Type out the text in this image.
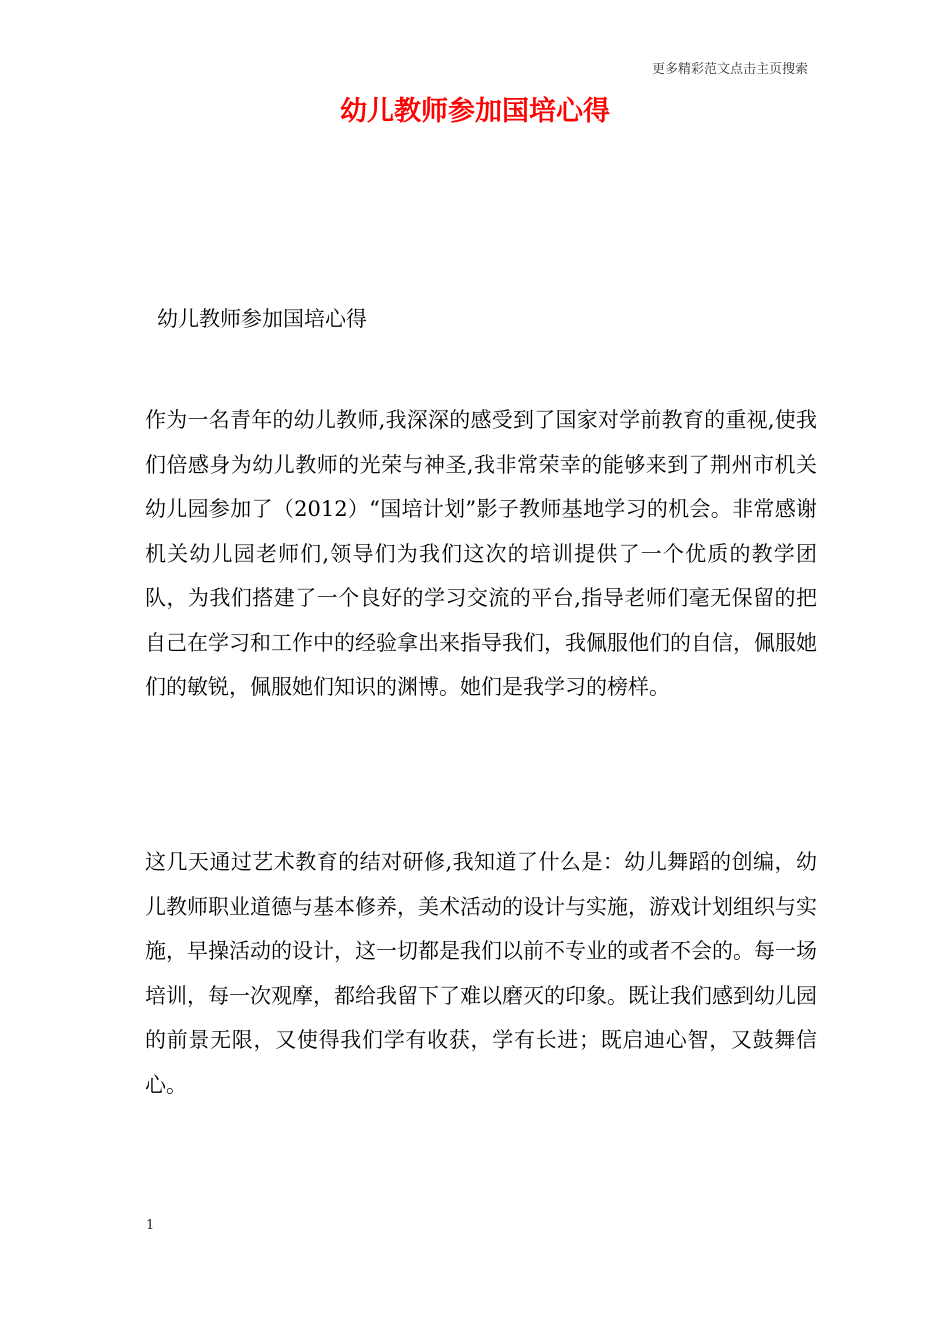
更多精彩范文点击主页搜索
幼儿教师参加国培心得
幼儿教师参加国培心得
作为一名青年的幼儿教师,我深深的感受到了国家对学前教育的重视,使我们倍感身为幼儿教师的光荣与神圣,我非常荣幸的能够来到了荆州市机关幼儿园参加了（2012）“国培计划”影子教师基地学习的机会。非常感谢机关幼儿园老师们,领导们为我们这次的培训提供了一个优质的教学团队，为我们搭建了一个良好的学习交流的平台,指导老师们毫无保留的把自己在学习和工作中的经验拿出来指导我们，我佩服他们的自信，佩服她们的敏锐，佩服她们知识的渊博。她们是我学习的榜样。
这几天通过艺术教育的结对研修,我知道了什么是：幼儿舞蹈的创编，幼儿教师职业道德与基本修养，美术活动的设计与实施，游戏计划组织与实施，早操活动的设计，这一切都是我们以前不专业的或者不会的。每一场培训，每一次观摩，都给我留下了难以磨灭的印象。既让我们感到幼儿园的前景无限，又使得我们学有收获，学有长进；既启迪心智，又鼓舞信心。
1
